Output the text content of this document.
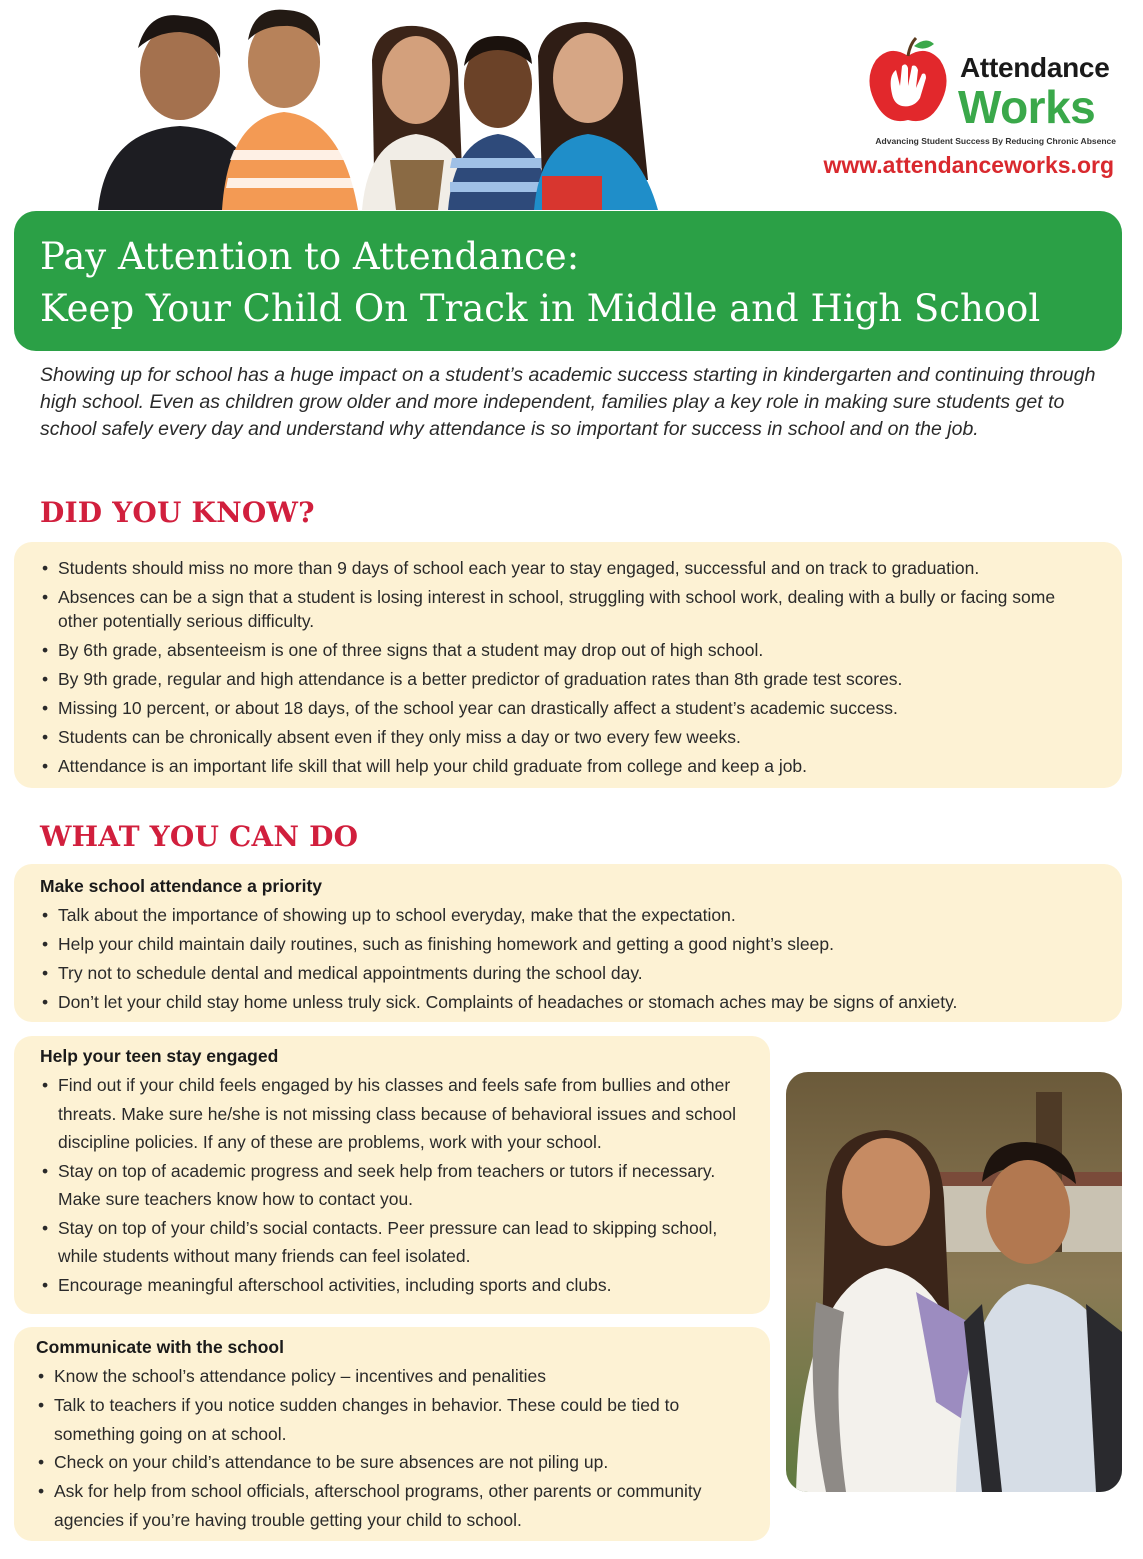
Attendance
Works
Advancing Student Success By Reducing Chronic Absence
www.attendanceworks.org
Pay Attention to Attendance:
Keep Your Child On Track in Middle and High School

Showing up for school has a huge impact on a student’s academic success starting in kindergarten and continuing through high school. Even as children grow older and more independent, families play a key role in making sure students get to school safely every day and understand why attendance is so important for success in school and on the job.

DID YOU KNOW?
• Students should miss no more than 9 days of school each year to stay engaged, successful and on track to graduation.
• Absences can be a sign that a student is losing interest in school, struggling with school work, dealing with a bully or facing some other potentially serious difficulty.
• By 6th grade, absenteeism is one of three signs that a student may drop out of high school.
• By 9th grade, regular and high attendance is a better predictor of graduation rates than 8th grade test scores.
• Missing 10 percent, or about 18 days, of the school year can drastically affect a student’s academic success.
• Students can be chronically absent even if they only miss a day or two every few weeks.
• Attendance is an important life skill that will help your child graduate from college and keep a job.
WHAT YOU CAN DO
Make school attendance a priority
• Talk about the importance of showing up to school everyday, make that the expectation.
• Help your child maintain daily routines, such as finishing homework and getting a good night’s sleep.
• Try not to schedule dental and medical appointments during the school day.
• Don’t let your child stay home unless truly sick. Complaints of headaches or stomach aches may be signs of anxiety.
Help your teen stay engaged
• Find out if your child feels engaged by his classes and feels safe from bullies and other threats. Make sure he/she is not missing class because of behavioral issues and school discipline policies. If any of these are problems, work with your school.
• Stay on top of academic progress and seek help from teachers or tutors if necessary. Make sure teachers know how to contact you.
• Stay on top of your child’s social contacts. Peer pressure can lead to skipping school, while students without many friends can feel isolated.
• Encourage meaningful afterschool activities, including sports and clubs.
Communicate with the school
• Know the school’s attendance policy – incentives and penalities
• Talk to teachers if you notice sudden changes in behavior. These could be tied to something going on at school.
• Check on your child’s attendance to be sure absences are not piling up.
• Ask for help from school officials, afterschool programs, other parents or community agencies if you’re having trouble getting your child to school.
